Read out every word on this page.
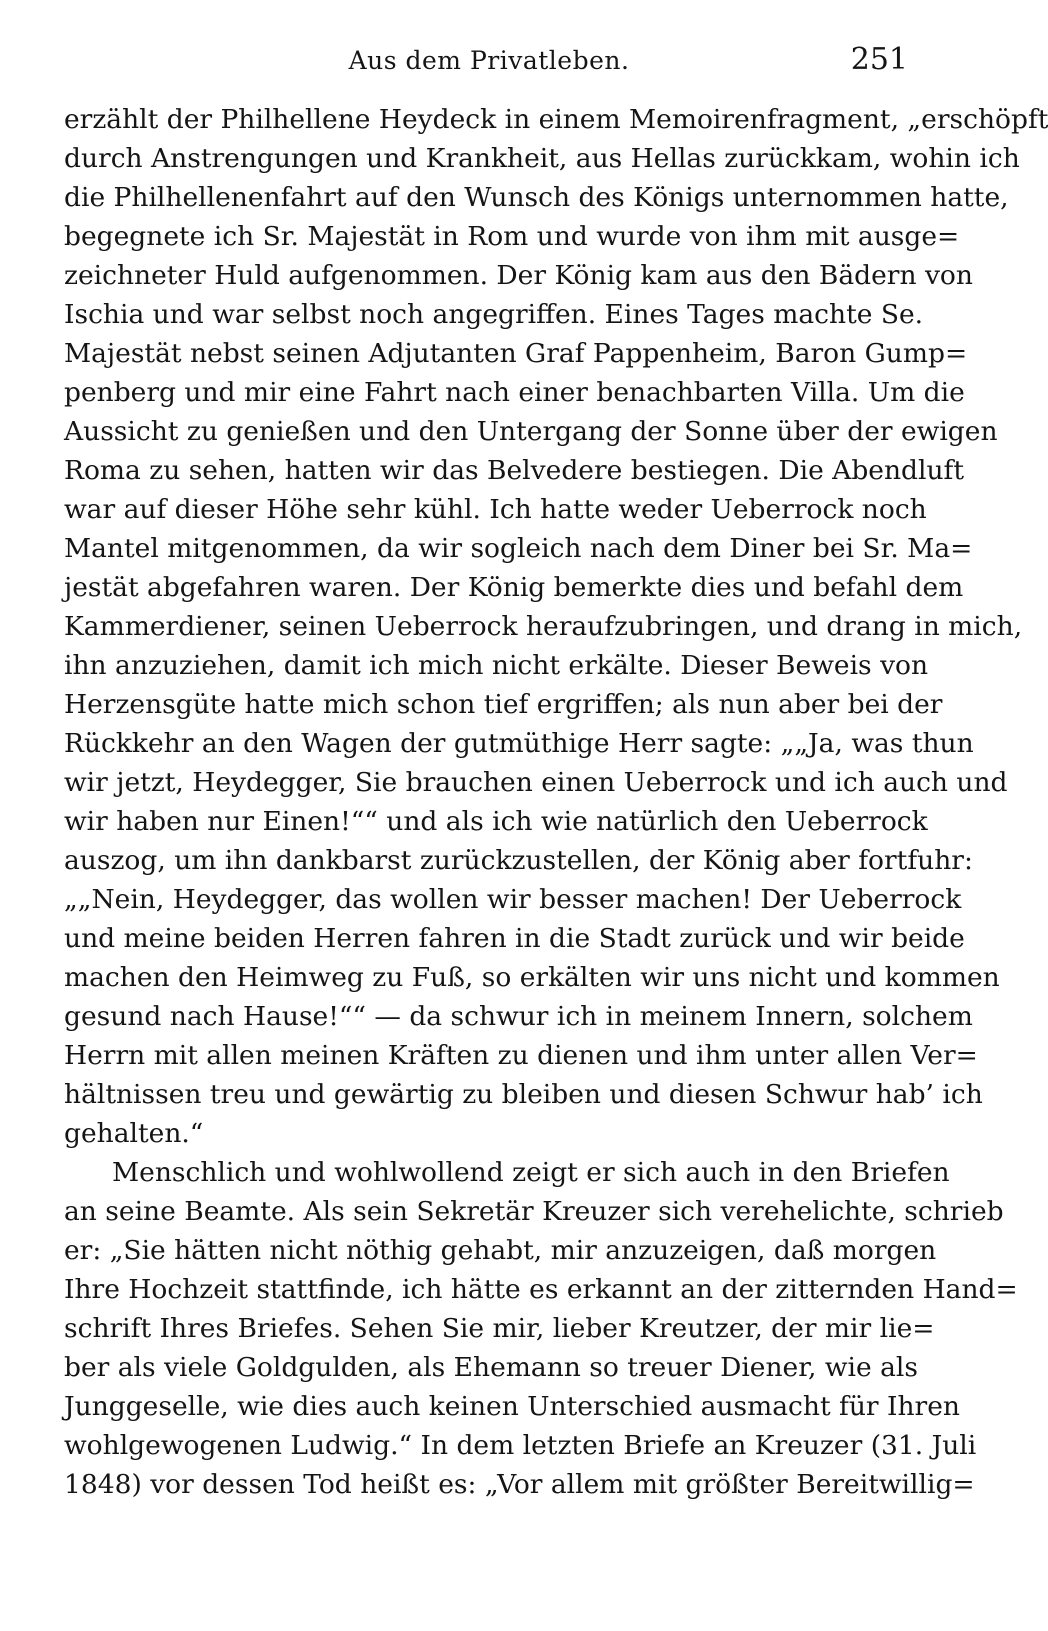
Aus dem Privatleben.	251
erzählt der Philhellene Heydeck in einem Memoirenfragment, „erschöpft
durch Anstrengungen und Krankheit, aus Hellas zurückkam, wohin ich
die Philhellenenfahrt auf den Wunsch des Königs unternommen hatte,
begegnete ich Sr. Majestät in Rom und wurde von ihm mit ausge=
zeichneter Huld aufgenommen. Der König kam aus den Bädern von
Ischia und war selbst noch angegriffen. Eines Tages machte Se.
Majestät nebst seinen Adjutanten Graf Pappenheim, Baron Gump=
penberg und mir eine Fahrt nach einer benachbarten Villa. Um die
Aussicht zu genießen und den Untergang der Sonne über der ewigen
Roma zu sehen, hatten wir das Belvedere bestiegen. Die Abendluft
war auf dieser Höhe sehr kühl. Ich hatte weder Ueberrock noch
Mantel mitgenommen, da wir sogleich nach dem Diner bei Sr. Ma=
jestät abgefahren waren. Der König bemerkte dies und befahl dem
Kammerdiener, seinen Ueberrock heraufzubringen, und drang in mich,
ihn anzuziehen, damit ich mich nicht erkälte. Dieser Beweis von
Herzensgüte hatte mich schon tief ergriffen; als nun aber bei der
Rückkehr an den Wagen der gutmüthige Herr sagte: „„Ja, was thun
wir jetzt, Heydegger, Sie brauchen einen Ueberrock und ich auch und
wir haben nur Einen!““ und als ich wie natürlich den Ueberrock
auszog, um ihn dankbarst zurückzustellen, der König aber fortfuhr:
„„Nein, Heydegger, das wollen wir besser machen! Der Ueberrock
und meine beiden Herren fahren in die Stadt zurück und wir beide
machen den Heimweg zu Fuß, so erkälten wir uns nicht und kommen
gesund nach Hause!““ — da schwur ich in meinem Innern, solchem
Herrn mit allen meinen Kräften zu dienen und ihm unter allen Ver=
hältnissen treu und gewärtig zu bleiben und diesen Schwur hab’ ich
gehalten.“
Menschlich und wohlwollend zeigt er sich auch in den Briefen
an seine Beamte. Als sein Sekretär Kreuzer sich verehelichte, schrieb
er: „Sie hätten nicht nöthig gehabt, mir anzuzeigen, daß morgen
Ihre Hochzeit stattfinde, ich hätte es erkannt an der zitternden Hand=
schrift Ihres Briefes. Sehen Sie mir, lieber Kreutzer, der mir lie=
ber als viele Goldgulden, als Ehemann so treuer Diener, wie als
Junggeselle, wie dies auch keinen Unterschied ausmacht für Ihren
wohlgewogenen Ludwig.“ In dem letzten Briefe an Kreuzer (31. Juli
1848) vor dessen Tod heißt es: „Vor allem mit größter Bereitwillig=
